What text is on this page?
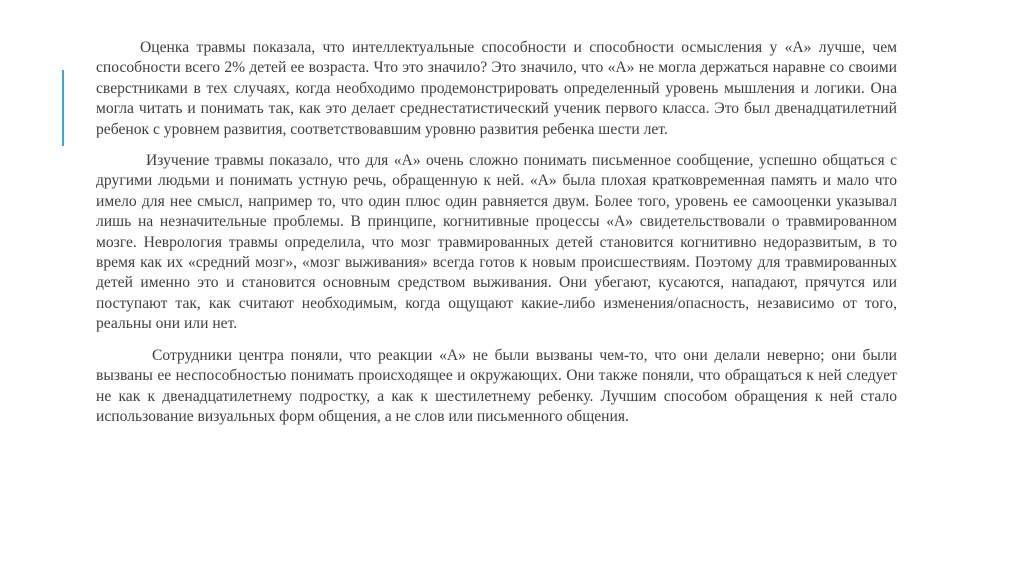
Оценка травмы показала, что интеллектуальные способности и способности осмысления у «А» лучше, чем способности всего 2% детей ее возраста. Что это значило? Это значило, что «А» не могла держаться наравне со своими сверстниками в тех случаях, когда необходимо продемонстрировать определенный уровень мышления и логики. Она могла читать и понимать так, как это делает среднестатистический ученик первого класса. Это был двенадцатилетний ребенок с уровнем развития, соответствовавшим уровню развития ребенка шести лет.

Изучение травмы показало, что для «А» очень сложно понимать письменное сообщение, успешно общаться с другими людьми и понимать устную речь, обращенную к ней. «А» была плохая кратковременная память и мало что имело для нее смысл, например то, что один плюс один равняется двум. Более того, уровень ее самооценки указывал лишь на незначительные проблемы. В принципе, когнитивные процессы «А» свидетельствовали о травмированном мозге. Неврология травмы определила, что мозг травмированных детей становится когнитивно недоразвитым, в то время как их «средний мозг», «мозг выживания» всегда готов к новым происшествиям. Поэтому для травмированных детей именно это и становится основным средством выживания. Они убегают, кусаются, нападают, прячутся или поступают так, как считают необходимым, когда ощущают какие-либо изменения/опасность, независимо от того, реальны они или нет.

Сотрудники центра поняли, что реакции «А» не были вызваны чем-то, что они делали неверно; они были вызваны ее неспособностью понимать происходящее и окружающих. Они также поняли, что обращаться к ней следует не как к двенадцатилетнему подростку, а как к шестилетнему ребенку. Лучшим способом обращения к ней стало использование визуальных форм общения, а не слов или письменного общения.
